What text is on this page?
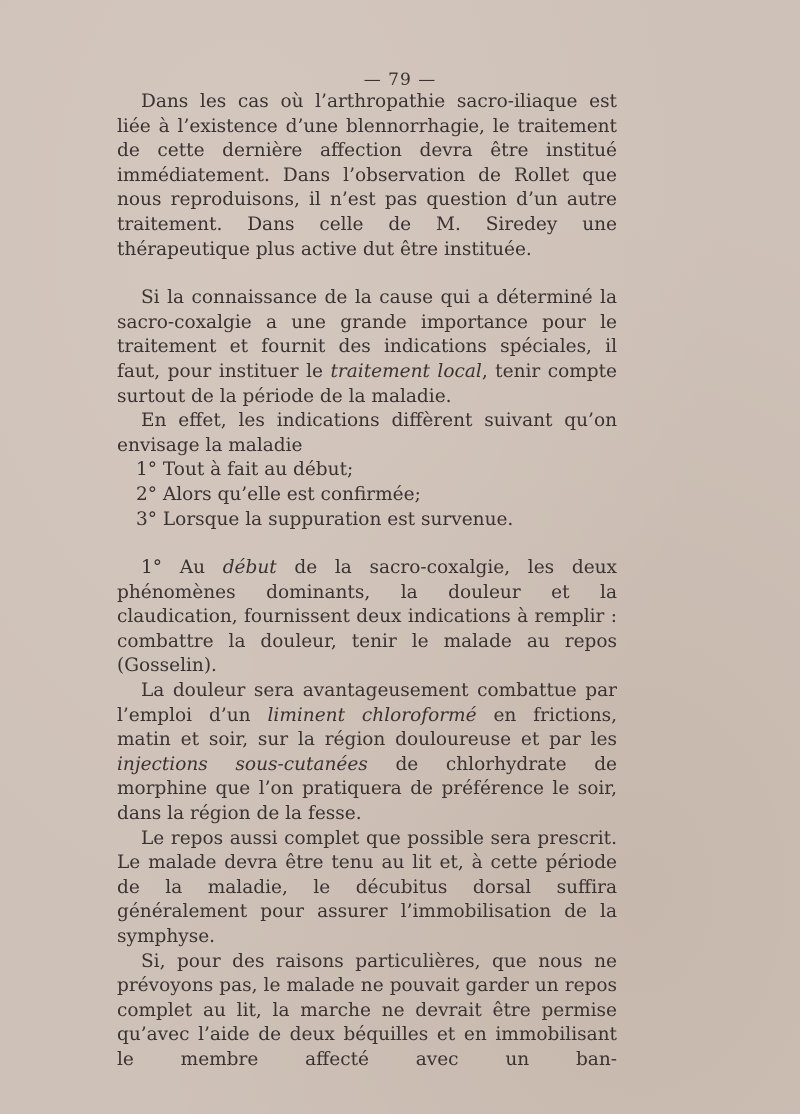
— 79 —

Dans les cas où l’arthropathie sacro-iliaque est liée à l’existence d’une blennorrhagie, le traitement de cette dernière affection devra être institué immédiatement. Dans l’observation de Rollet que nous reproduisons, il n’est pas question d’un autre traitement. Dans celle de M. Siredey une thérapeutique plus active dut être instituée.

Si la connaissance de la cause qui a déterminé la sacro-coxalgie a une grande importance pour le traitement et fournit des indications spéciales, il faut, pour instituer le traitement local, tenir compte surtout de la période de la maladie.

En effet, les indications diffèrent suivant qu’on envisage la maladie

1° Tout à fait au début;

2° Alors qu’elle est confirmée;

3° Lorsque la suppuration est survenue.

1° Au début de la sacro-coxalgie, les deux phénomènes dominants, la douleur et la claudication, fournissent deux indications à remplir : combattre la douleur, tenir le malade au repos (Gosselin).

La douleur sera avantageusement combattue par l’emploi d’un liminent chloroformé en frictions, matin et soir, sur la région douloureuse et par les injections sous-cutanées de chlorhydrate de morphine que l’on pratiquera de préférence le soir, dans la région de la fesse.

Le repos aussi complet que possible sera prescrit. Le malade devra être tenu au lit et, à cette période de la maladie, le décubitus dorsal suffira généralement pour assurer l’immobilisation de la symphyse.

Si, pour des raisons particulières, que nous ne prévoyons pas, le malade ne pouvait garder un repos complet au lit, la marche ne devrait être permise qu’avec l’aide de deux béquilles et en immobilisant le membre affecté avec un ban-
